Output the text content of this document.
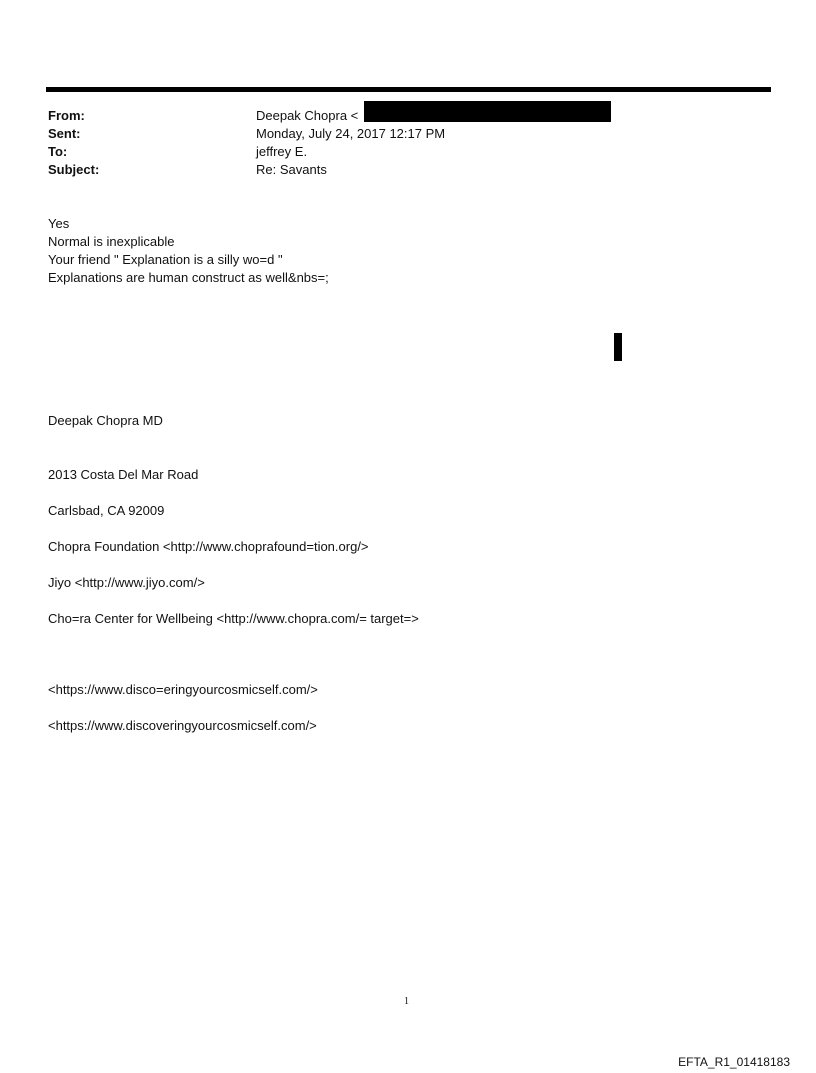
From:	Deepak Chopra <
Sent:	Monday, July 24, 2017 12:17 PM
To:	jeffrey E.
Subject:	Re: Savants
Yes
Normal is inexplicable
Your friend " Explanation is a silly wo=d "
Explanations are human construct as well&nbs=;
Deepak Chopra MD
2013 Costa Del Mar Road
Carlsbad, CA 92009
Chopra Foundation <http://www.choprafound=tion.org/>
Jiyo <http://www.jiyo.com/>
Cho=ra Center for Wellbeing <http://www.chopra.com/= target=>
<https://www.disco=eringyourcosmicself.com/>
<https://www.discoveringyourcosmicself.com/>
1
EFTA_R1_01418183
